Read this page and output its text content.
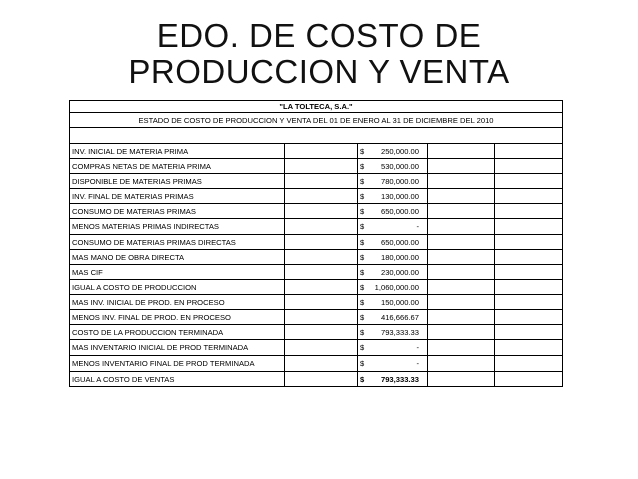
EDO. DE COSTO DE PRODUCCION Y VENTA
"LA TOLTECA, S.A."				
ESTADO DE COSTO DE PRODUCCION Y VENTA DEL 01 DE ENERO AL 31 DE DICIEMBRE DEL 2010				

INV. INICIAL DE MATERIA PRIMA		$ 250,000.00		

COMPRAS NETAS DE MATERIA PRIMA		$ 530,000.00		

DISPONIBLE DE MATERIAS PRIMAS		$ 780,000.00		

INV. FINAL DE MATERIAS PRIMAS		$ 130,000.00		

CONSUMO DE MATERIAS PRIMAS		$ 650,000.00		

MENOS MATERIAS PRIMAS INDIRECTAS		$ -		

CONSUMO DE MATERIAS PRIMAS DIRECTAS		$ 650,000.00		

MAS MANO DE OBRA DIRECTA		$ 180,000.00		

MAS CIF		$ 230,000.00		

IGUAL A COSTO DE PRODUCCION		$ 1,060,000.00		

MAS INV. INICIAL DE PROD. EN PROCESO		$ 150,000.00		

MENOS INV. FINAL DE PROD. EN PROCESO		$ 416,666.67		

COSTO DE LA PRODUCCION TERMINADA		$ 793,333.33		

MAS INVENTARIO INICIAL DE PROD TERMINADA		$ -		

MENOS INVENTARIO FINAL DE PROD TERMINADA		$ -		

IGUAL A COSTO DE VENTAS		$ 793,333.33		
